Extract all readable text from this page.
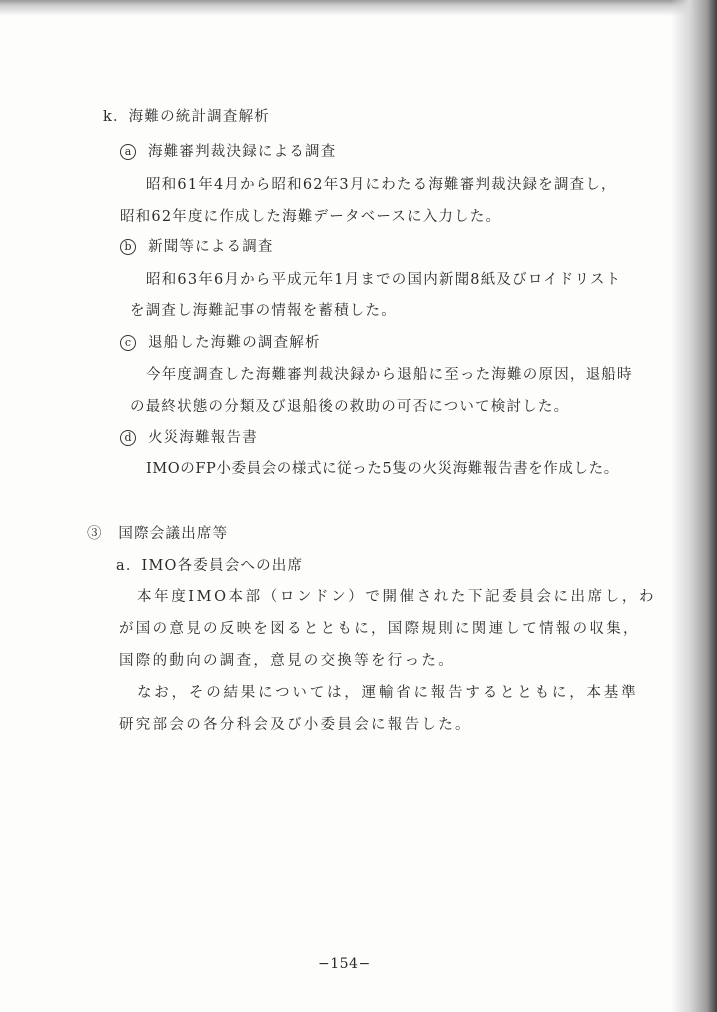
k．海難の統計調査解析
a 海難審判裁決録による調査
昭和61年4月から昭和62年3月にわたる海難審判裁決録を調査し，
昭和62年度に作成した海難データベースに入力した。
b 新聞等による調査
昭和63年6月から平成元年1月までの国内新聞8紙及びロイドリスト
を調査し海難記事の情報を蓄積した。
c 退船した海難の調査解析
今年度調査した海難審判裁決録から退船に至った海難の原因，退船時
の最終状態の分類及び退船後の救助の可否について検討した。
d 火災海難報告書
IMOのFP小委員会の様式に従った5隻の火災海難報告書を作成した。
③　国際会議出席等
a．IMO各委員会への出席
本年度IMO本部（ロンドン）で開催された下記委員会に出席し，わ
が国の意見の反映を図るとともに，国際規則に関連して情報の収集，
国際的動向の調査，意見の交換等を行った。
なお，その結果については，運輸省に報告するとともに，本基準
研究部会の各分科会及び小委員会に報告した。
−154−
